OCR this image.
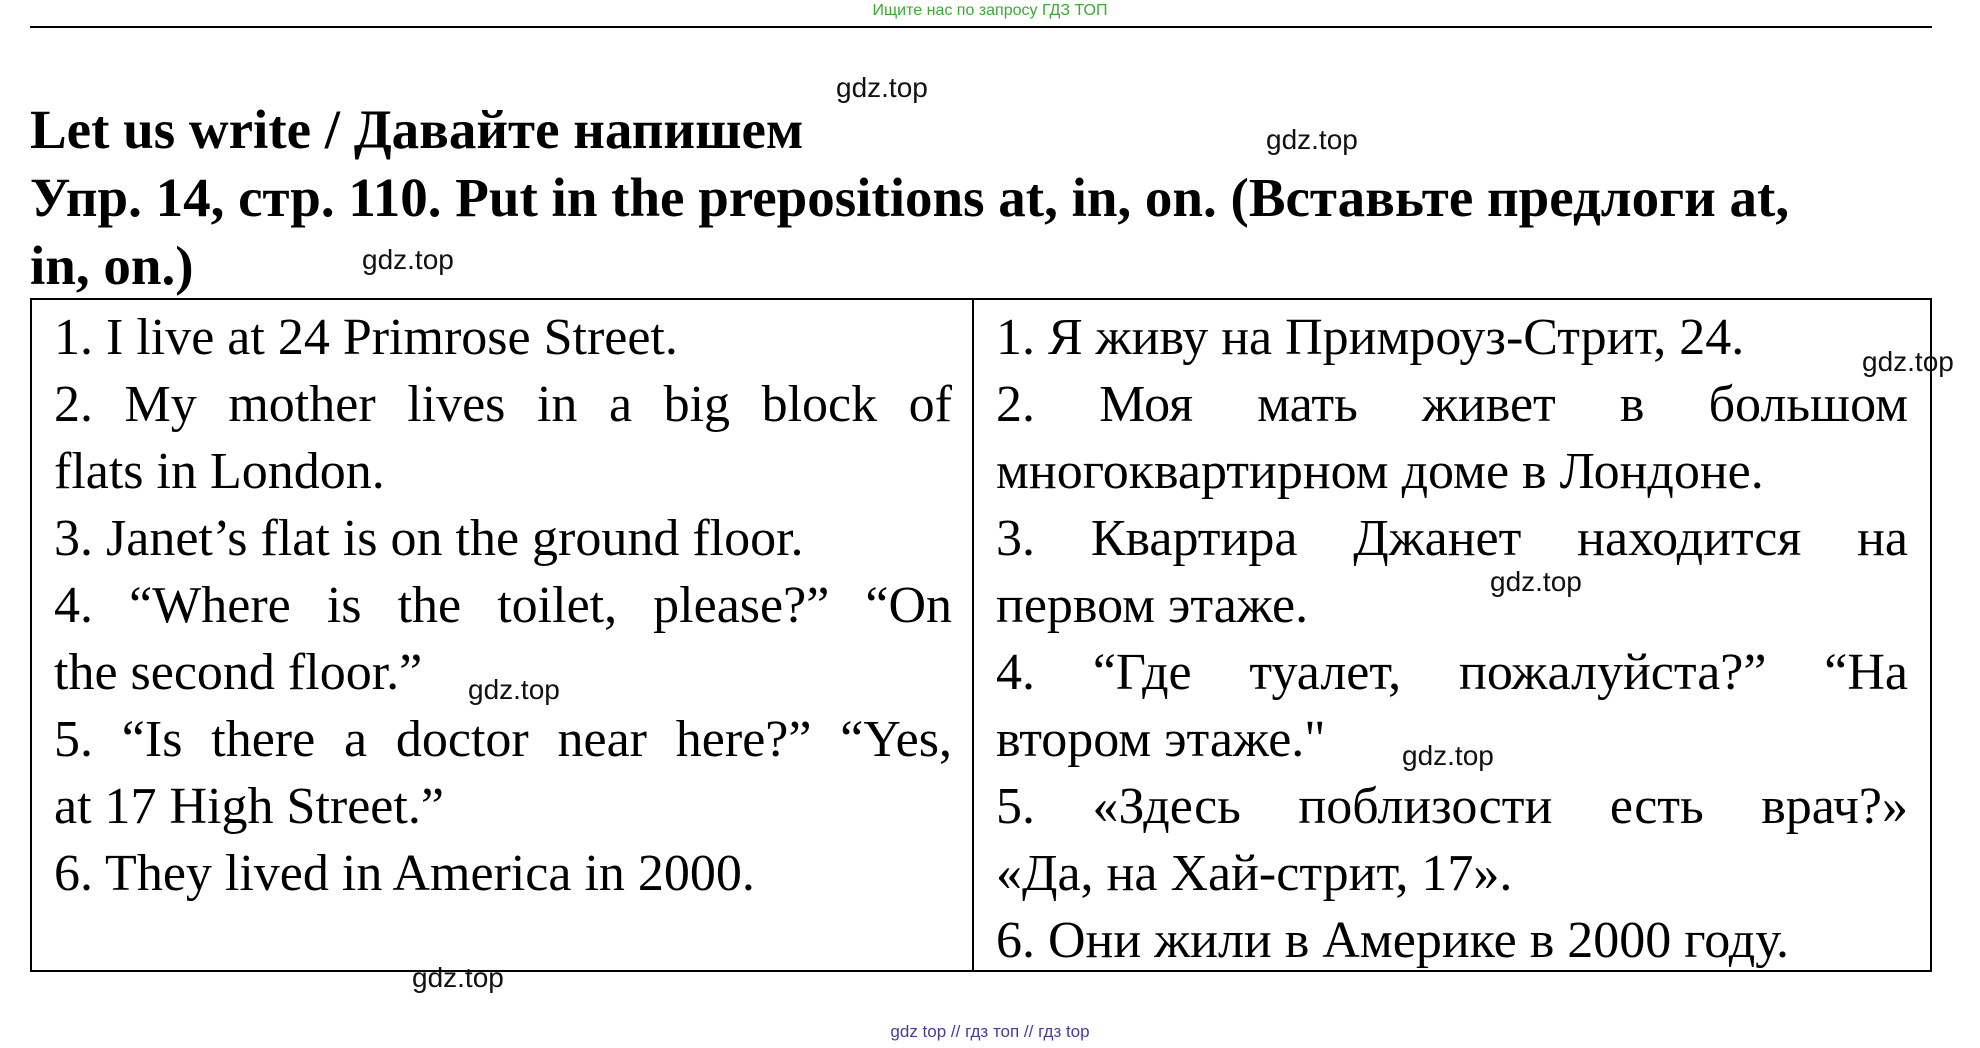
Ищите нас по запросу ГДЗ ТОП
Let us write / Давайте напишем
Упр. 14, стр. 110. Put in the prepositions at, in, on. (Вставьте предлоги at,
in, on.)
gdz.top
gdz.top
gdz.top
1. I live at 24 Primrose Street.
2. My mother lives in a big block of
flats in London.
3. Janet’s flat is on the ground floor.
4. “Where is the toilet, please?” “On
the second floor.”
5. “Is there a doctor near here?” “Yes,
at 17 High Street.”
6. They lived in America in 2000.
1. Я живу на Примроуз-Стрит, 24.
2. Моя мать живет в большом
многоквартирном доме в Лондоне.
3. Квартира Джанет находится на
первом этаже.
4. “Где туалет, пожалуйста?” “На
втором этаже."
5. «Здесь поблизости есть врач?»
«Да, на Хай-стрит, 17».
6. Они жили в Америке в 2000 году.
gdz.top
gdz.top
gdz.top
gdz.top
gdz.top
gdz top // гдз топ // гдз top
